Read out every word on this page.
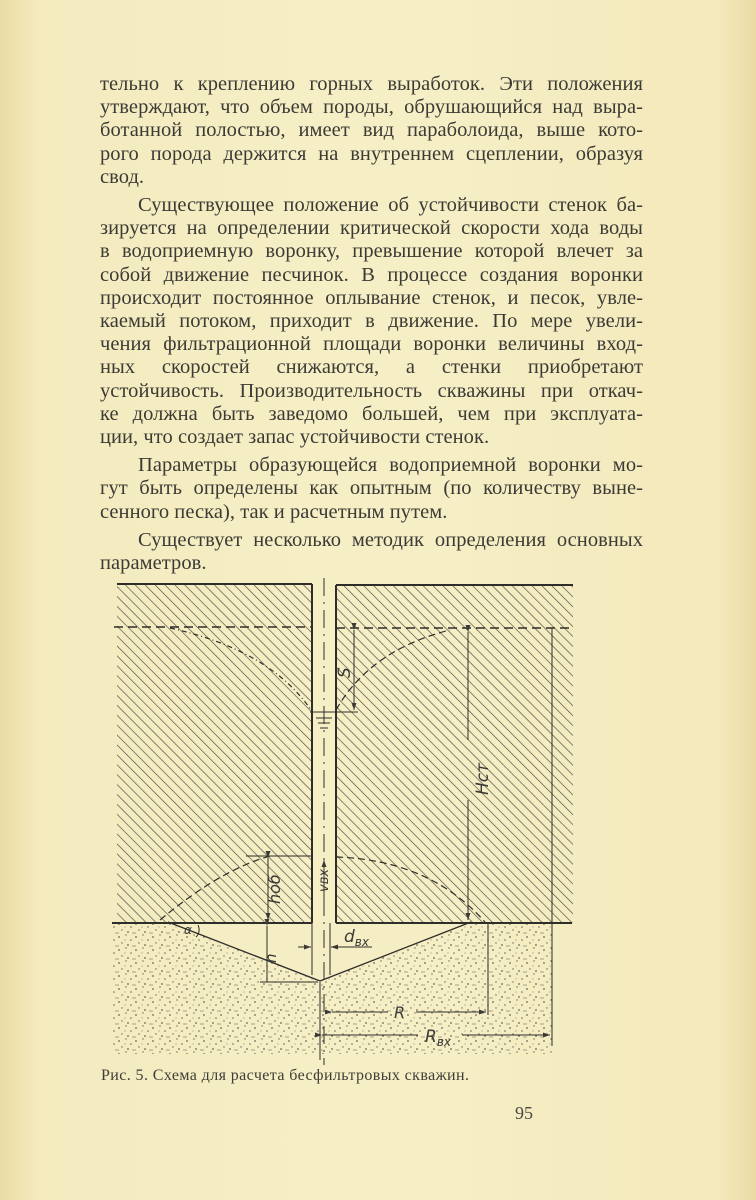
тельно к креплению горных выработок. Эти положения
утверждают, что объем породы, обрушающийся над выра-
ботанной полостью, имеет вид параболоида, выше кото-
рого порода держится на внутреннем сцеплении, образуя
свод.

Существующее положение об устойчивости стенок ба-
зируется на определении критической скорости хода воды
в водоприемную воронку, превышение которой влечет за
собой движение песчинок. В процессе создания воронки
происходит постоянное оплывание стенок, и песок, увле-
каемый потоком, приходит в движение. По мере увели-
чения фильтрационной площади воронки величины вход-
ных скоростей снижаются, а стенки приобретают
устойчивость. Производительность скважины при откач-
ке должна быть заведомо большей, чем при эксплуата-
ции, что создает запас устойчивости стенок.

Параметры образующейся водоприемной воронки мо-
гут быть определены как опытным (по количеству выне-
сенного песка), так и расчетным путем.

Существует несколько методик определения основных
параметров.

S
Hст
hоб	vвх
α
h
$d_{вх}$
R
$R_{вх}$
Рис. 5. Схема для расчета бесфильтровых скважин.
95
